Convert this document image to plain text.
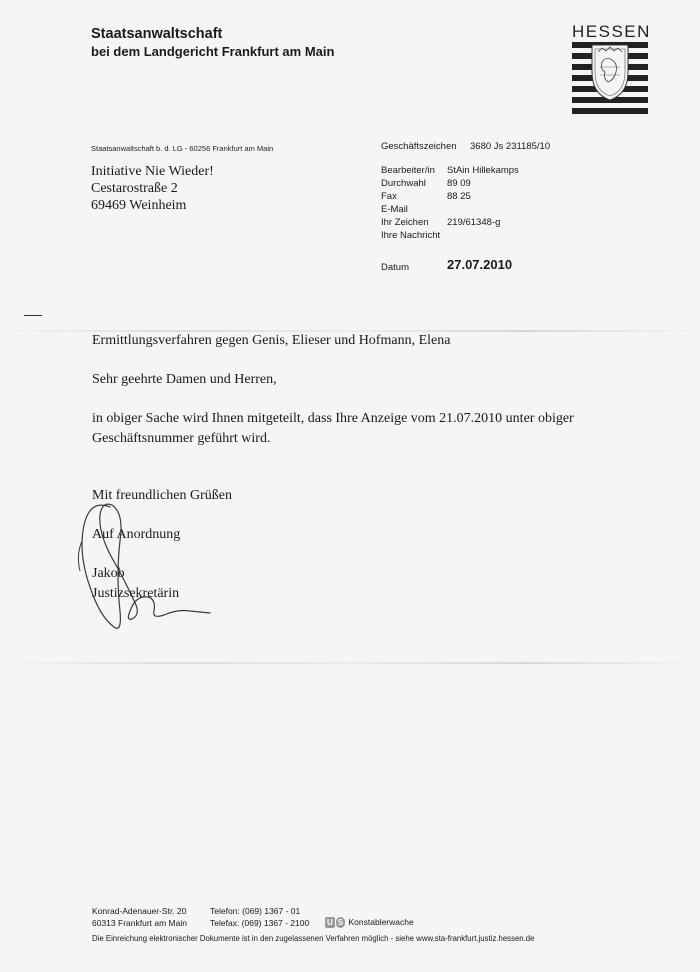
Staatsanwaltschaft
bei dem Landgericht Frankfurt am Main
HESSEN
Staatsanwaltschaft b. d. LG - 60256 Frankfurt am Main
Initiative Nie Wieder!
Cestarostraße 2
69469 Weinheim
Geschäftszeichen 3680 Js 231185/10
Bearbeiter/in StAin Hillekamps
Durchwahl 89 09
Fax	88 25
E-Mail
Ihr Zeichen 219/61348-g
Ihre Nachricht
Datum	27.07.2010
Ermittlungsverfahren gegen Genis, Elieser und Hofmann, Elena
Sehr geehrte Damen und Herren,
in obiger Sache wird Ihnen mitgeteilt, dass Ihre Anzeige vom 21.07.2010 unter obiger
Geschäftsnummer geführt wird.
Mit freundlichen Grüßen
Auf Anordnung
Jakob
Justizsekretärin
Konrad-Adenauer-Str. 20
60313 Frankfurt am Main
Telefon: (069) 1367 - 01
Telefax: (069) 1367 - 2100 U S Konstablerwache
Die Einreichung elektronischer Dokumente ist in den zugelassenen Verfahren möglich - siehe www.sta-frankfurt.justiz.hessen.de
